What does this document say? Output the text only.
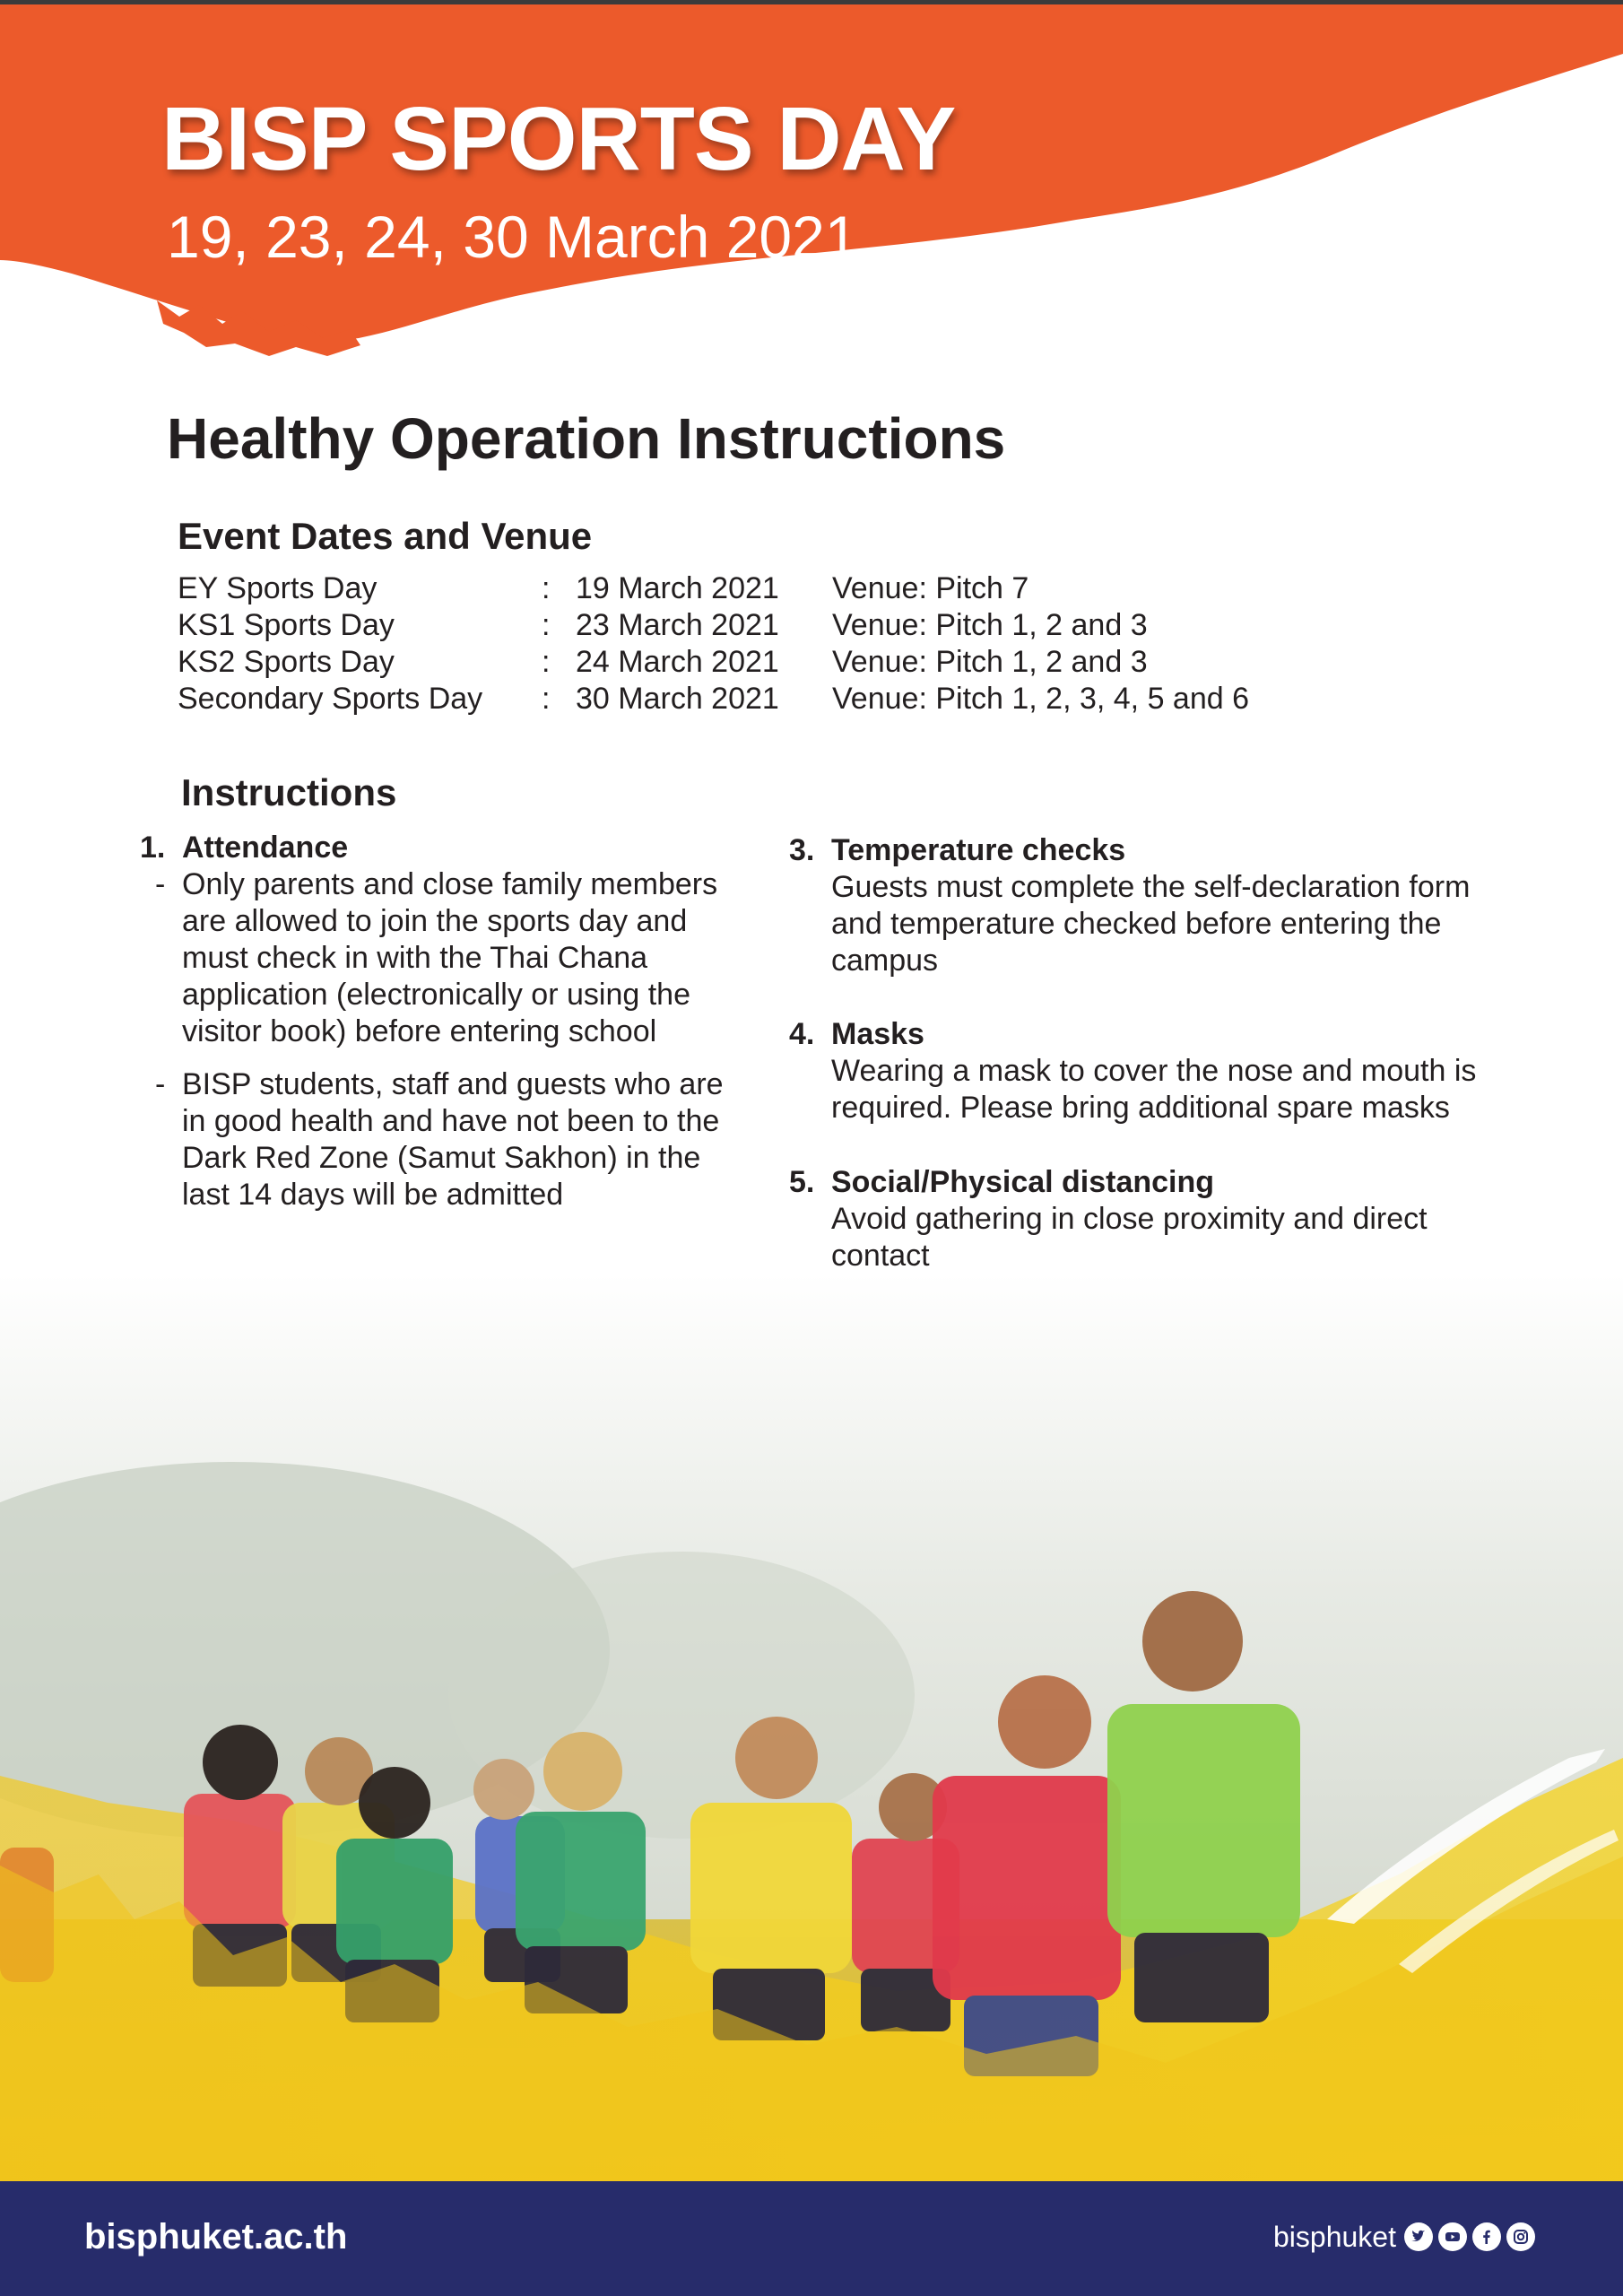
BISP SPORTS DAY

19, 23, 24, 30 March 2021

Healthy Operation Instructions
Event Dates and Venue
EY Sports Day	: 19 March 2021 Venue: Pitch 7
KS1 Sports Day	: 23 March 2021 Venue: Pitch 1, 2 and 3
KS2 Sports Day	: 24 March 2021 Venue: Pitch 1, 2 and 3
Secondary Sports Day : 30 March 2021 Venue: Pitch 1, 2, 3, 4, 5 and 6
Instructions
1. Attendance
- Only parents and close family members are allowed to join the sports day and must check in with the Thai Chana application (electronically or using the visitor book) before entering school

- BISP students, staff and guests who are in good health and have not been to the Dark Red Zone (Samut Sakhon) in the last 14 days will be admitted

3. Temperature checks

Guests must complete the self-declaration form and temperature checked before entering the campus

4. Masks

Wearing a mask to cover the nose and mouth is required. Please bring additional spare masks

5. Social/Physical distancing

Avoid gathering in close proximity and direct contact

bisphuket.ac.th	bisphuket
